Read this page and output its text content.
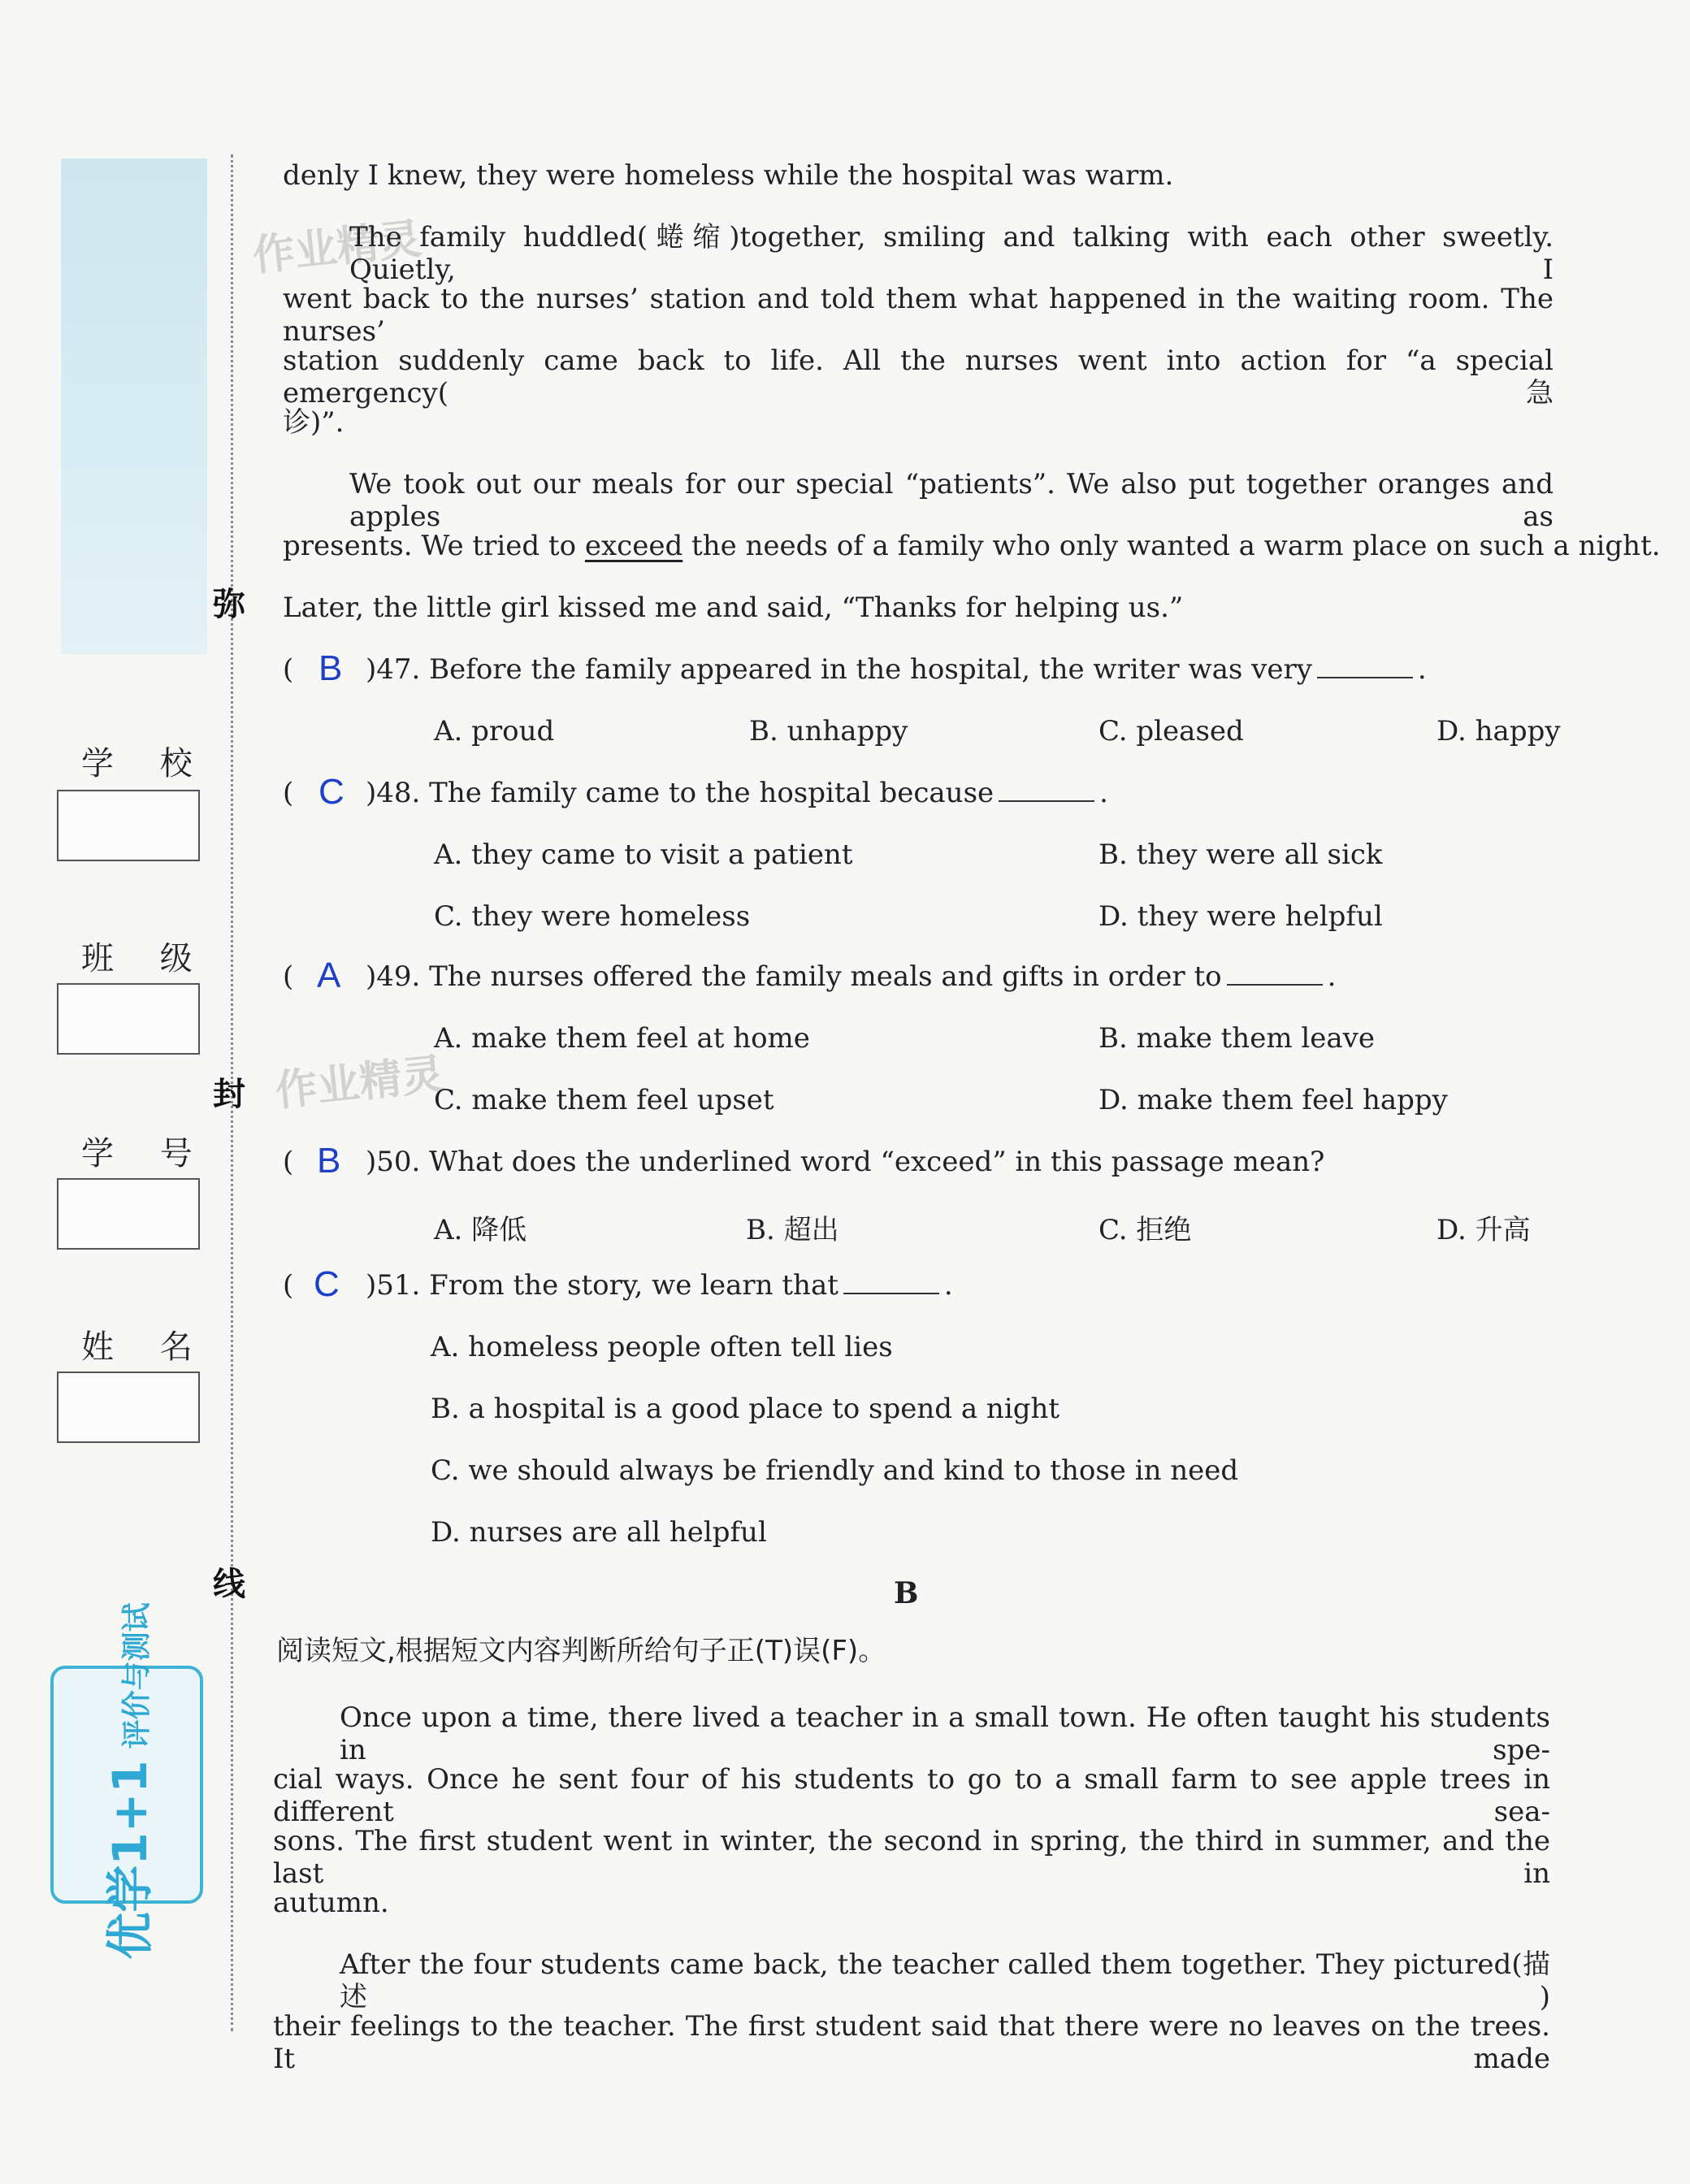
弥
封
线
学 校
班 级
学 号
姓 名
优学1+1评价与测试
作业精灵
作业精灵
denly I knew, they were homeless while the hospital was warm.
The family huddled(蜷缩)together, smiling and talking with each other sweetly. Quietly, I
went back to the nurses’ station and told them what happened in the waiting room. The nurses’
station suddenly came back to life. All the nurses went into action for “a special emergency(急
诊)”.
We took out our meals for our special “patients”. We also put together oranges and apples as
presents. We tried to exceed the needs of a family who only wanted a warm place on such a night.
Later, the little girl kissed me and said, “Thanks for helping us.”
( B )47. Before the family appeared in the hospital, the writer was very	.
A. proud	B. unhappy	C. pleased	D. happy
( C )48. The family came to the hospital because	.
A. they came to visit a patient	B. they were all sick
C. they were homeless	D. they were helpful
( A )49. The nurses offered the family meals and gifts in order to	.
A. make them feel at home	B. make them leave
C. make them feel upset	D. make them feel happy
( B )50. What does the underlined word “exceed” in this passage mean?
A. 降低	B. 超出	C. 拒绝	D. 升高
( C )51. From the story, we learn that	.
A. homeless people often tell lies
B. a hospital is a good place to spend a night
C. we should always be friendly and kind to those in need
D. nurses are all helpful
B
阅读短文,根据短文内容判断所给句子正(T)误(F)。
Once upon a time, there lived a teacher in a small town. He often taught his students in spe-
cial ways. Once he sent four of his students to go to a small farm to see apple trees in different sea-
sons. The first student went in winter, the second in spring, the third in summer, and the last in
autumn.
After the four students came back, the teacher called them together. They pictured(描述)
their feelings to the teacher. The first student said that there were no leaves on the trees. It made
